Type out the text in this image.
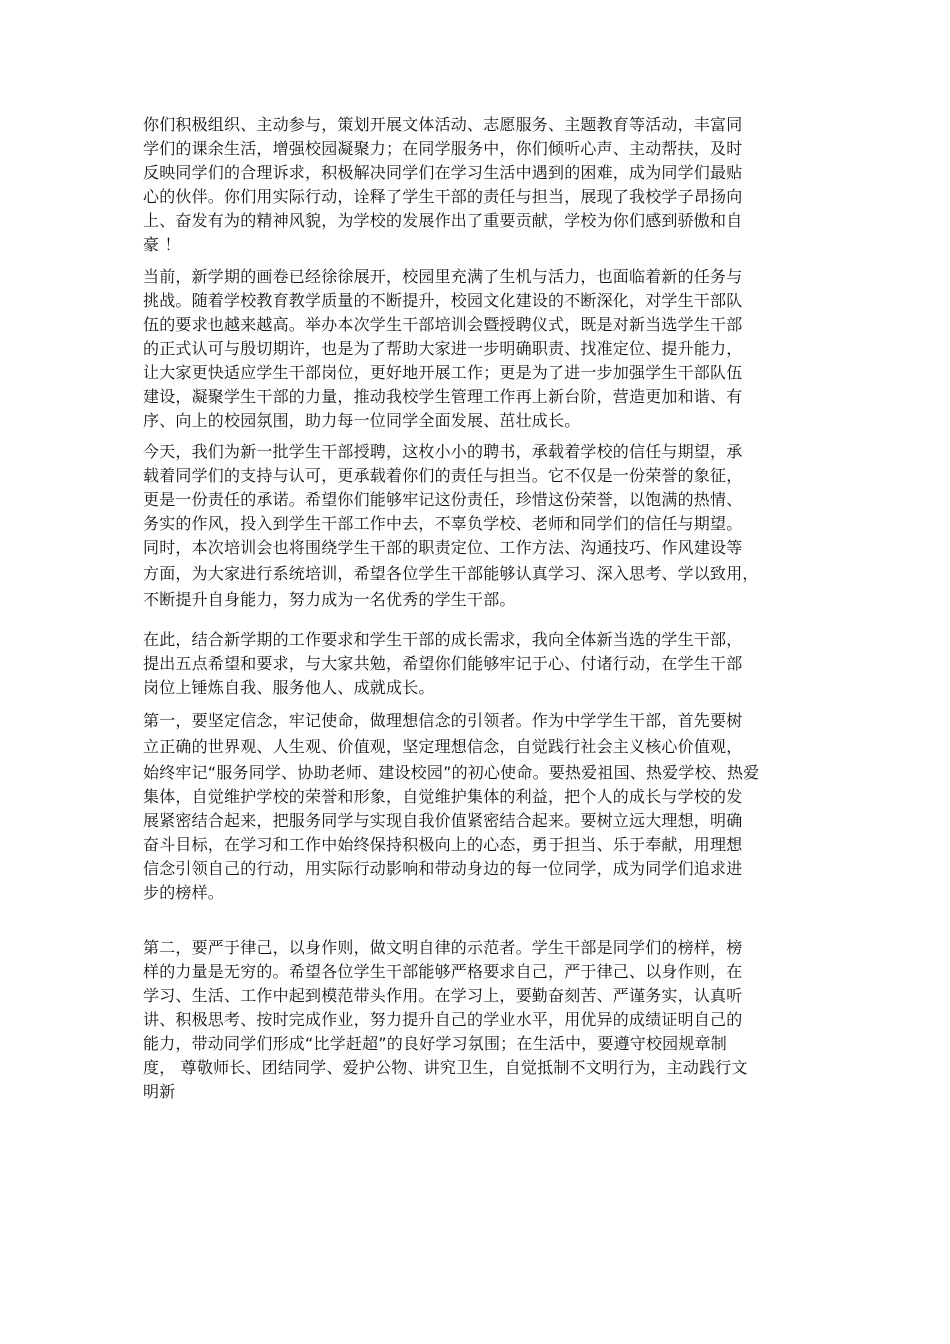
你们积极组织、主动参与，策划开展文体活动、志愿服务、主题教育等活动，丰富同
学们的课余生活，增强校园凝聚力；在同学服务中，你们倾听心声、主动帮扶，及时
反映同学们的合理诉求，积极解决同学们在学习生活中遇到的困难，成为同学们最贴
心的伙伴。你们用实际行动，诠释了学生干部的责任与担当，展现了我校学子昂扬向
上、奋发有为的精神风貌，为学校的发展作出了重要贡献，学校为你们感到骄傲和自
豪 ！
当前，新学期的画卷已经徐徐展开，校园里充满了生机与活力，也面临着新的任务与
挑战。随着学校教育教学质量的不断提升，校园文化建设的不断深化，对学生干部队
伍的要求也越来越高。举办本次学生干部培训会暨授聘仪式，既是对新当选学生干部
的正式认可与殷切期许，也是为了帮助大家进一步明确职责、找准定位、提升能力，
让大家更快适应学生干部岗位，更好地开展工作；更是为了进一步加强学生干部队伍
建设，凝聚学生干部的力量，推动我校学生管理工作再上新台阶，营造更加和谐、有
序、向上的校园氛围，助力每一位同学全面发展、茁壮成长。
今天，我们为新一批学生干部授聘，这枚小小的聘书，承载着学校的信任与期望，承
载着同学们的支持与认可，更承载着你们的责任与担当。它不仅是一份荣誉的象征，
更是一份责任的承诺。希望你们能够牢记这份责任，珍惜这份荣誉，以饱满的热情、
务实的作风，投入到学生干部工作中去，不辜负学校、老师和同学们的信任与期望。
同时，本次培训会也将围绕学生干部的职责定位、工作方法、沟通技巧、作风建设等
方面，为大家进行系统培训，希望各位学生干部能够认真学习、深入思考、学以致用，
不断提升自身能力，努力成为一名优秀的学生干部。
在此，结合新学期的工作要求和学生干部的成长需求，我向全体新当选的学生干部，
提出五点希望和要求，与大家共勉，希望你们能够牢记于心、付诸行动，在学生干部
岗位上锤炼自我、服务他人、成就成长。
第一，要坚定信念，牢记使命，做理想信念的引领者。作为中学学生干部，首先要树
立正确的世界观、人生观、价值观，坚定理想信念，自觉践行社会主义核心价值观，
始终牢记“服务同学、协助老师、建设校园”的初心使命。要热爱祖国、热爱学校、热爱
集体，自觉维护学校的荣誉和形象，自觉维护集体的利益，把个人的成长与学校的发
展紧密结合起来，把服务同学与实现自我价值紧密结合起来。要树立远大理想，明确
奋斗目标，在学习和工作中始终保持积极向上的心态，勇于担当、乐于奉献，用理想
信念引领自己的行动，用实际行动影响和带动身边的每一位同学，成为同学们追求进
步的榜样。
第二，要严于律己，以身作则，做文明自律的示范者。学生干部是同学们的榜样，榜
样的力量是无穷的。希望各位学生干部能够严格要求自己，严于律己、以身作则，在
学习、生活、工作中起到模范带头作用。在学习上，要勤奋刻苦、严谨务实，认真听
讲、积极思考、按时完成作业，努力提升自己的学业水平，用优异的成绩证明自己的
能力，带动同学们形成“比学赶超”的良好学习氛围；在生活中，要遵守校园规章制
度， 尊敬师长、团结同学、爱护公物、讲究卫生，自觉抵制不文明行为，主动践行文
明新
